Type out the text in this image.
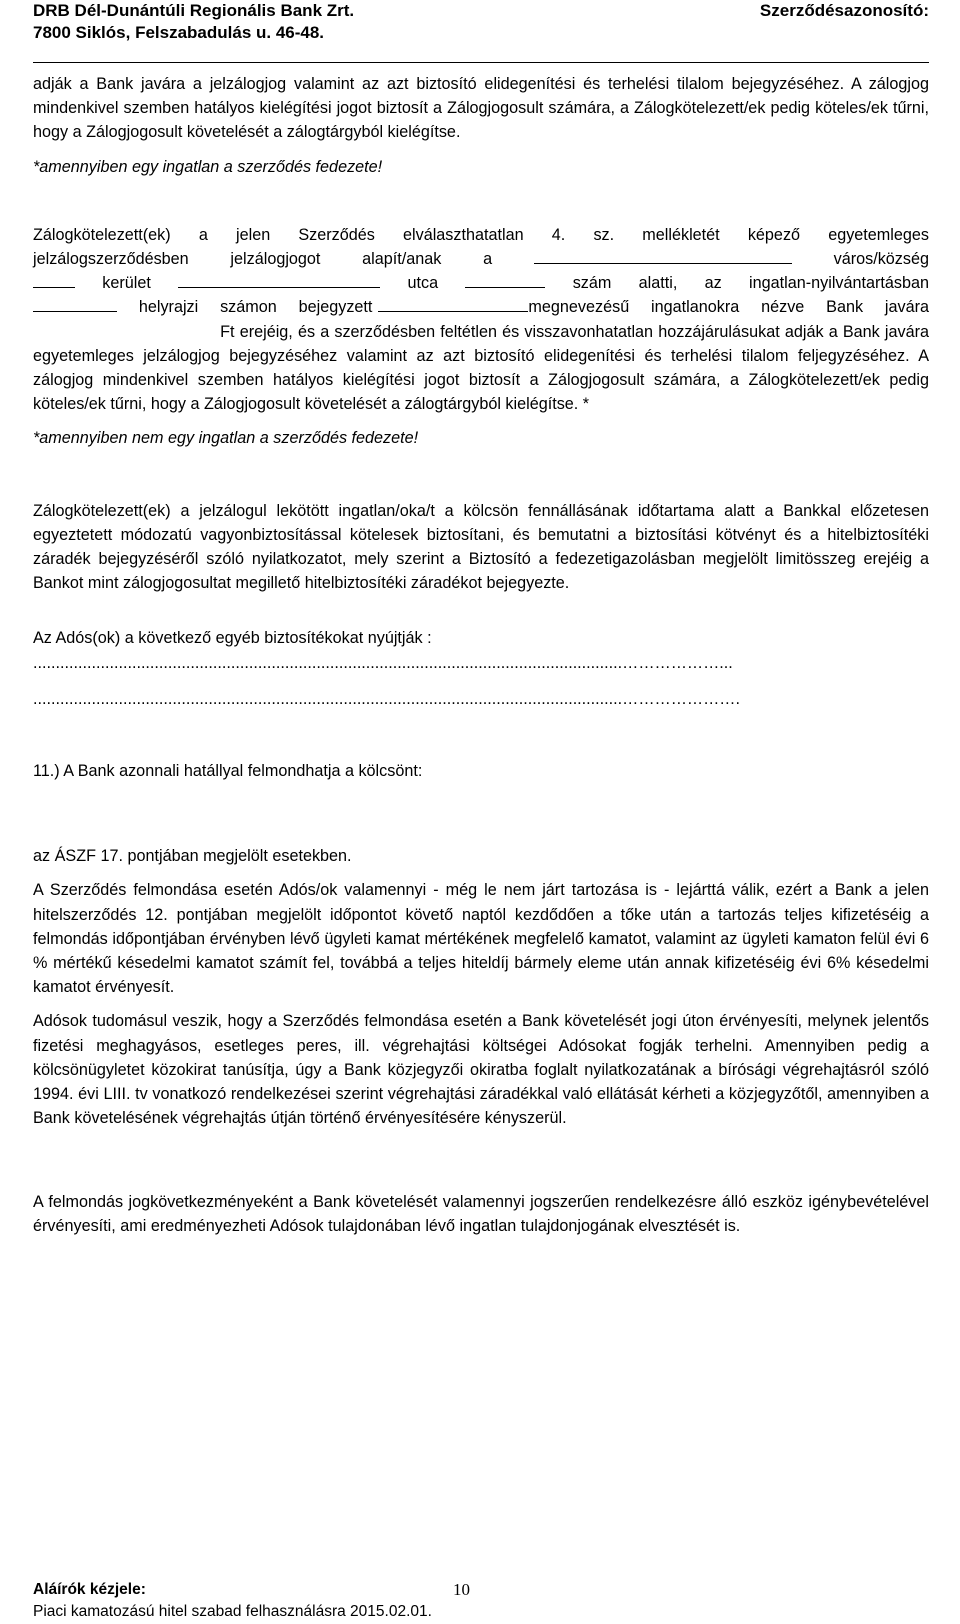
DRB Dél-Dunántúli Regionális Bank Zrt.	Szerződésazonosító:
7800 Siklós, Felszabadulás u. 46-48.

adják a Bank javára a jelzálogjog valamint az azt biztosító elidegenítési és terhelési tilalom bejegyzéséhez. A zálogjog mindenkivel szemben hatályos kielégítési jogot biztosít a Zálogjogosult számára, a Zálogkötelezett/ek pedig köteles/ek tűrni, hogy a Zálogjogosult követelését a zálogtárgyból kielégítse.

*amennyiben egy ingatlan a szerződés fedezete!

Zálogkötelezett(ek) a jelen Szerződés elválaszthatatlan 4. sz. mellékletét képező egyetemleges

jelzálogszerződésben jelzálogjogot alapít/anak a	város/község

kerület	utca	szám alatti, az ingatlan-nyilvántartásban

helyrajzi számon bejegyzett	megnevezésű ingatlanokra nézve Bank javára

Ft erejéig, és a szerződésben feltétlen és visszavonhatatlan hozzájárulásukat adják a Bank javára egyetemleges jelzálogjog bejegyzéséhez valamint az azt biztosító elidegenítési és terhelési tilalom feljegyzéséhez. A zálogjog mindenkivel szemben hatályos kielégítési jogot biztosít a Zálogjogosult számára, a Zálogkötelezett/ek pedig köteles/ek tűrni, hogy a Zálogjogosult követelését a zálogtárgyból kielégítse. *

*amennyiben nem egy ingatlan a szerződés fedezete!

Zálogkötelezett(ek) a jelzálogul lekötött ingatlan/oka/t a kölcsön fennállásának időtartama alatt a Bankkal előzetesen egyeztetett módozatú vagyonbiztosítással kötelesek biztosítani, és bemutatni a biztosítási kötvényt és a hitelbiztosítéki záradék bejegyzéséről szóló nyilatkozatot, mely szerint a Biztosító a fedezetigazolásban megjelölt limitösszeg erejéig a Bankot mint zálogjogosultat megillető hitelbiztosítéki záradékot bejegyezte.

Az Adós(ok) a következő egyéb biztosítékokat nyújtják :

...................................................................................................................................………………...

...................................................................................................................................………………….

11.) A Bank azonnali hatállyal felmondhatja a kölcsönt:

az ÁSZF 17. pontjában megjelölt esetekben.

A Szerződés felmondása esetén Adós/ok valamennyi - még le nem járt tartozása is - lejárttá válik, ezért a Bank a jelen hitelszerződés 12. pontjában megjelölt időpontot követő naptól kezdődően a tőke után a tartozás teljes kifizetéséig a felmondás időpontjában érvényben lévő ügyleti kamat mértékének megfelelő kamatot, valamint az ügyleti kamaton felül évi 6 % mértékű késedelmi kamatot számít fel, továbbá a teljes hiteldíj bármely eleme után annak kifizetéséig évi 6% késedelmi kamatot érvényesít.

Adósok tudomásul veszik, hogy a Szerződés felmondása esetén a Bank követelését jogi úton érvényesíti, melynek jelentős fizetési meghagyásos, esetleges peres, ill. végrehajtási költségei Adósokat fogják terhelni. Amennyiben pedig a kölcsönügyletet közokirat tanúsítja, úgy a Bank közjegyzői okiratba foglalt nyilatkozatának a bírósági végrehajtásról szóló 1994. évi LIII. tv vonatkozó rendelkezései szerint végrehajtási záradékkal való ellátását kérheti a közjegyzőtől, amennyiben a Bank követelésének végrehajtás útján történő érvényesítésére kényszerül.

A felmondás jogkövetkezményeként a Bank követelését valamennyi jogszerűen rendelkezésre álló eszköz igénybevételével érvényesíti, ami eredményezheti Adósok tulajdonában lévő ingatlan tulajdonjogának elvesztését is.

Aláírók kézjele:	10
Piaci kamatozású hitel szabad felhasználásra 2015.02.01.
